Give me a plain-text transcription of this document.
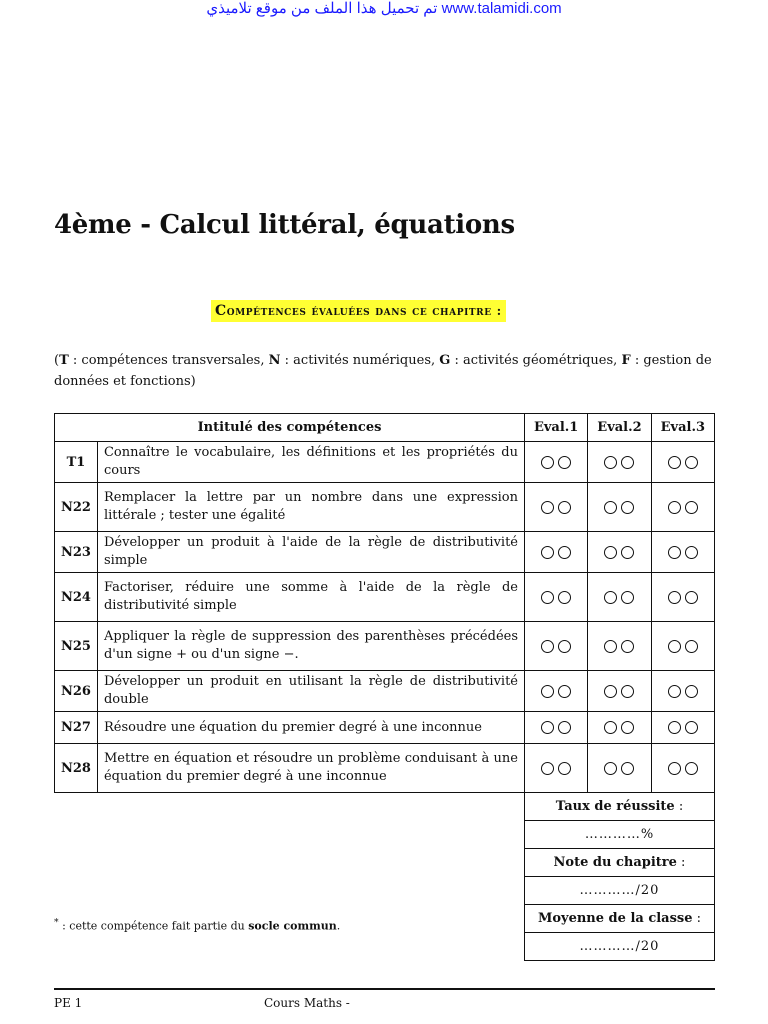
تم تحميل هذا الملف من موقع تلاميذي www.talamidi.com
4ème - Calcul littéral, équations
Compétences évaluées dans ce chapitre :
(T : compétences transversales, N : activités numériques, G : activités géométriques, F : gestion de données et fonctions)
Intitulé des compétences		Eval.1	Eval.2	Eval.3
T1	Connaître le vocabulaire, les définitions et les propriétés du cours			
N22	Remplacer la lettre par un nombre dans une expression littérale ; tester une égalité			
N23	Développer un produit à l'aide de la règle de distributivité simple			
N24	Factoriser, réduire une somme à l'aide de la règle de distributivité simple			
N25	Appliquer la règle de suppression des parenthèses précédées d'un signe + ou d'un signe −.			
N26	Développer un produit en utilisant la règle de distributivité double			
N27	Résoudre une équation du premier degré à une inconnue			
N28	Mettre en équation et résoudre un problème conduisant à une équation du premier degré à une inconnue			
		Taux de réussite :		
		…………%		
		Note du chapitre :		
		…………/20		
		Moyenne de la classe :		
		…………/20		
* : cette compétence fait partie du socle commun.
PE 1	Cours Maths -
